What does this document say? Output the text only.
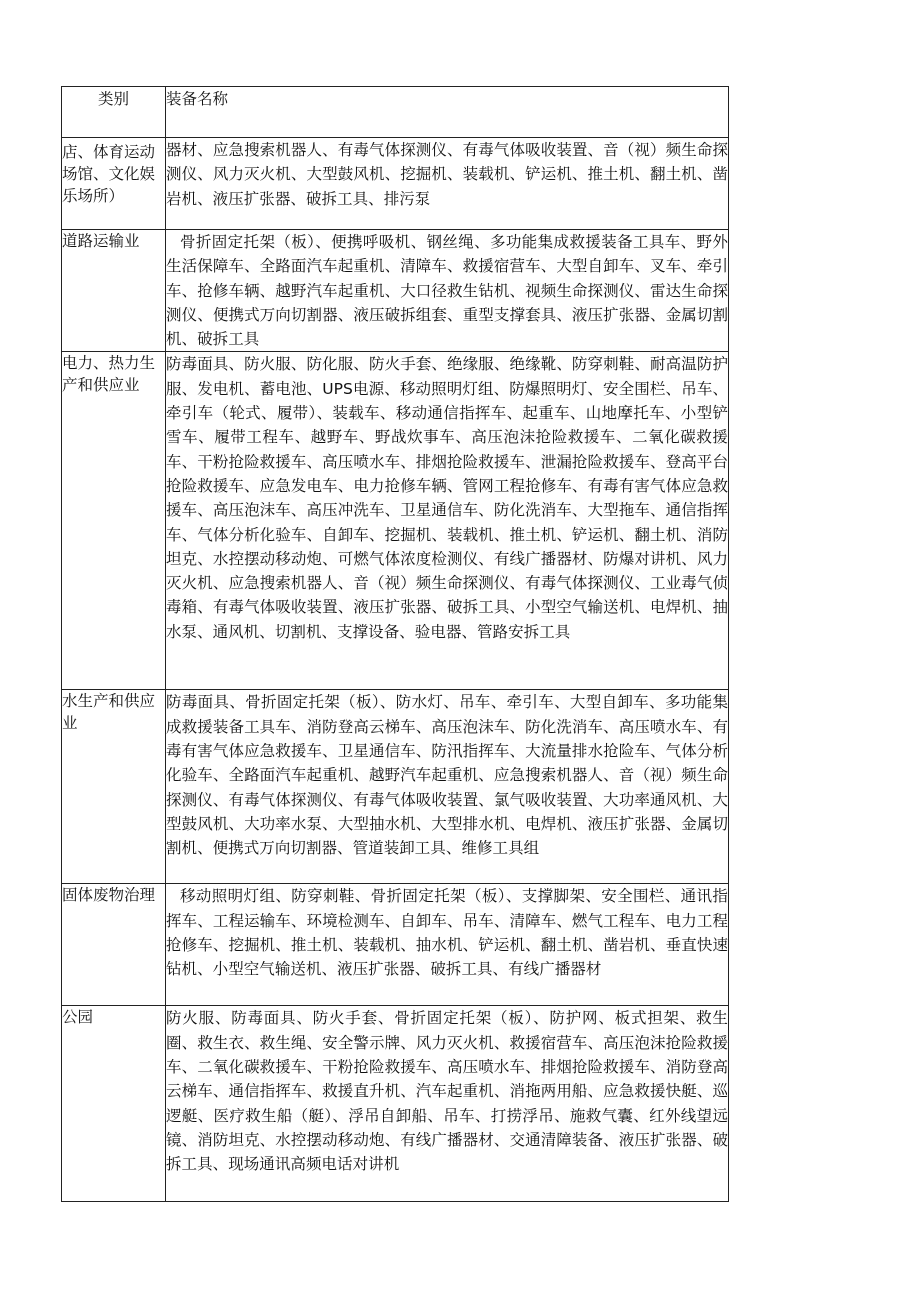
类别	装备名称
店、体育运动场馆、文化娱乐场所）	器材、应急搜索机器人、有毒气体探测仪、有毒气体吸收装置、音（视）频生命探测仪、风力灭火机、大型鼓风机、挖掘机、装载机、铲运机、推土机、翻土机、凿岩机、液压扩张器、破拆工具、排污泵
道路运输业	骨折固定托架（板）、便携呼吸机、钢丝绳、多功能集成救援装备工具车、野外生活保障车、全路面汽车起重机、清障车、救援宿营车、大型自卸车、叉车、牵引车、抢修车辆、越野汽车起重机、大口径救生钻机、视频生命探测仪、雷达生命探测仪、便携式万向切割器、液压破拆组套、重型支撑套具、液压扩张器、金属切割机、破拆工具
电力、热力生产和供应业	防毒面具、防火服、防化服、防火手套、绝缘服、绝缘靴、防穿刺鞋、耐高温防护服、发电机、蓄电池、UPS电源、移动照明灯组、防爆照明灯、安全围栏、吊车、牵引车（轮式、履带）、装载车、移动通信指挥车、起重车、山地摩托车、小型铲雪车、履带工程车、越野车、野战炊事车、高压泡沫抢险救援车、二氧化碳救援车、干粉抢险救援车、高压喷水车、排烟抢险救援车、泄漏抢险救援车、登高平台抢险救援车、应急发电车、电力抢修车辆、管网工程抢修车、有毒有害气体应急救援车、高压泡沫车、高压冲洗车、卫星通信车、防化洗消车、大型拖车、通信指挥车、气体分析化验车、自卸车、挖掘机、装载机、推土机、铲运机、翻土机、消防坦克、水控摆动移动炮、可燃气体浓度检测仪、有线广播器材、防爆对讲机、风力灭火机、应急搜索机器人、音（视）频生命探测仪、有毒气体探测仪、工业毒气侦毒箱、有毒气体吸收装置、液压扩张器、破拆工具、小型空气输送机、电焊机、抽水泵、通风机、切割机、支撑设备、验电器、管路安拆工具
水生产和供应业	防毒面具、骨折固定托架（板）、防水灯、吊车、牵引车、大型自卸车、多功能集成救援装备工具车、消防登高云梯车、高压泡沫车、防化洗消车、高压喷水车、有毒有害气体应急救援车、卫星通信车、防汛指挥车、大流量排水抢险车、气体分析化验车、全路面汽车起重机、越野汽车起重机、应急搜索机器人、音（视）频生命探测仪、有毒气体探测仪、有毒气体吸收装置、氯气吸收装置、大功率通风机、大型鼓风机、大功率水泵、大型抽水机、大型排水机、电焊机、液压扩张器、金属切割机、便携式万向切割器、管道装卸工具、维修工具组
固体废物治理	移动照明灯组、防穿刺鞋、骨折固定托架（板）、支撑脚架、安全围栏、通讯指挥车、工程运输车、环境检测车、自卸车、吊车、清障车、燃气工程车、电力工程抢修车、挖掘机、推土机、装载机、抽水机、铲运机、翻土机、凿岩机、垂直快速钻机、小型空气输送机、液压扩张器、破拆工具、有线广播器材
公园	防火服、防毒面具、防火手套、骨折固定托架（板）、防护网、板式担架、救生圈、救生衣、救生绳、安全警示牌、风力灭火机、救援宿营车、高压泡沫抢险救援车、二氧化碳救援车、干粉抢险救援车、高压喷水车、排烟抢险救援车、消防登高云梯车、通信指挥车、救援直升机、汽车起重机、消拖两用船、应急救援快艇、巡逻艇、医疗救生船（艇）、浮吊自卸船、吊车、打捞浮吊、施救气囊、红外线望远镜、消防坦克、水控摆动移动炮、有线广播器材、交通清障装备、液压扩张器、破拆工具、现场通讯高频电话对讲机
